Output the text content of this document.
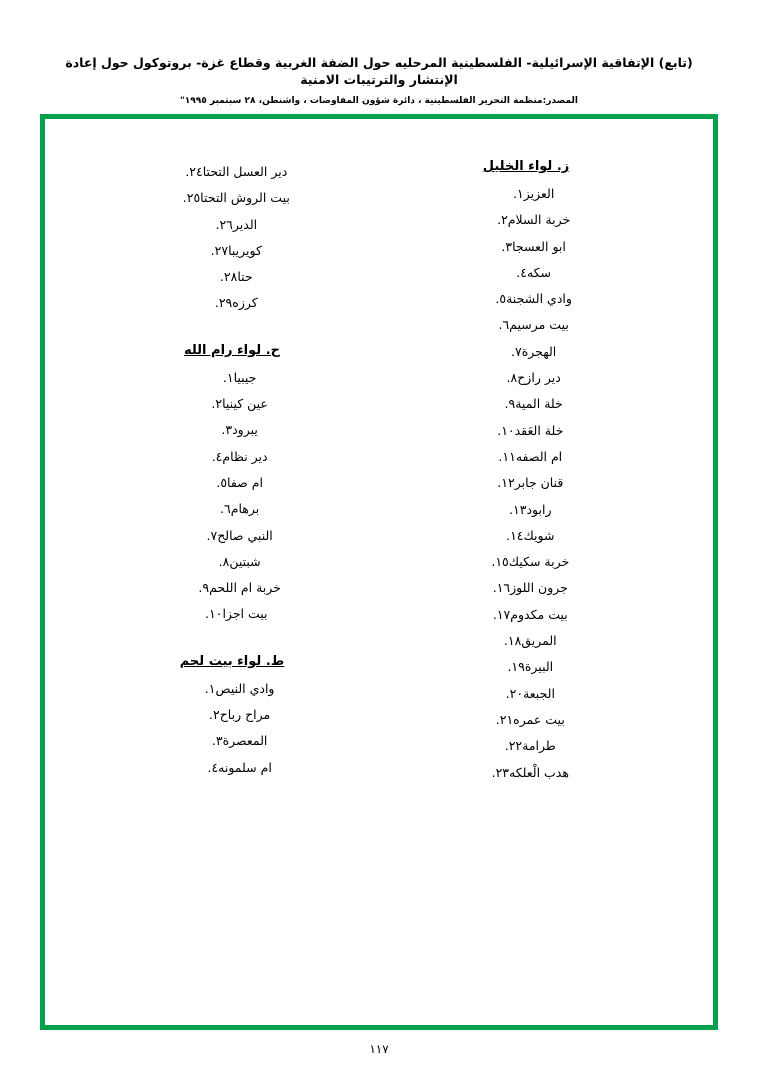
(تابع) الإتفاقية الإسرائيلية- الفلسطينية المرحليه حول الضفة الغربية وقطاع غزة- بروتوكول حول إعادة الإنتشار والترتيبات الامنية
المصدر:منظمة التحرير الفلسطينية ، دائرة شؤون المفاوضات ، واشنطن، ٢٨ سبتمبر ١٩٩٥"
ز. لواء الخليل
العزيز١.
خربة السلام٢.
ابو العسجا٣.
سكه٤.
وادي الشجنة٥.
بيت مرسيم٦.
الهجرة٧.
دير رازح٨.
خلة المية٩.
خلة العَقد١٠.
ام الصفه١١.
قنان جابر١٢.
رابود١٣.
شويك١٤.
خربة سكيك١٥.
جرون اللوز١٦.
بيت مكدوم١٧.
المريق١٨.
البيرة١٩.
الجبعة٢٠.
بيت عمره٢١.
طرامة٢٢.
هدب الْعلكه٢٣.
دير العسل التحتا٢٤.
بيت الروش التحتا٢٥.
الدير٢٦.
كويريبا٢٧.
حتا٢٨.
كرزه٢٩.
ح. لواء رام الله
جيبيا١.
عين كينيا٢.
يبرود٣.
دير نظام٤.
ام صفا٥.
برهام٦.
النبي صالح٧.
شبتين٨.
خربة ام اللحم٩.
بيت اجزا١٠.
ط. لواء بيت لحم
وادي النيص١.
مراح رباح٢.
المعصرة٣.
ام سلمونه٤.
١١٧
